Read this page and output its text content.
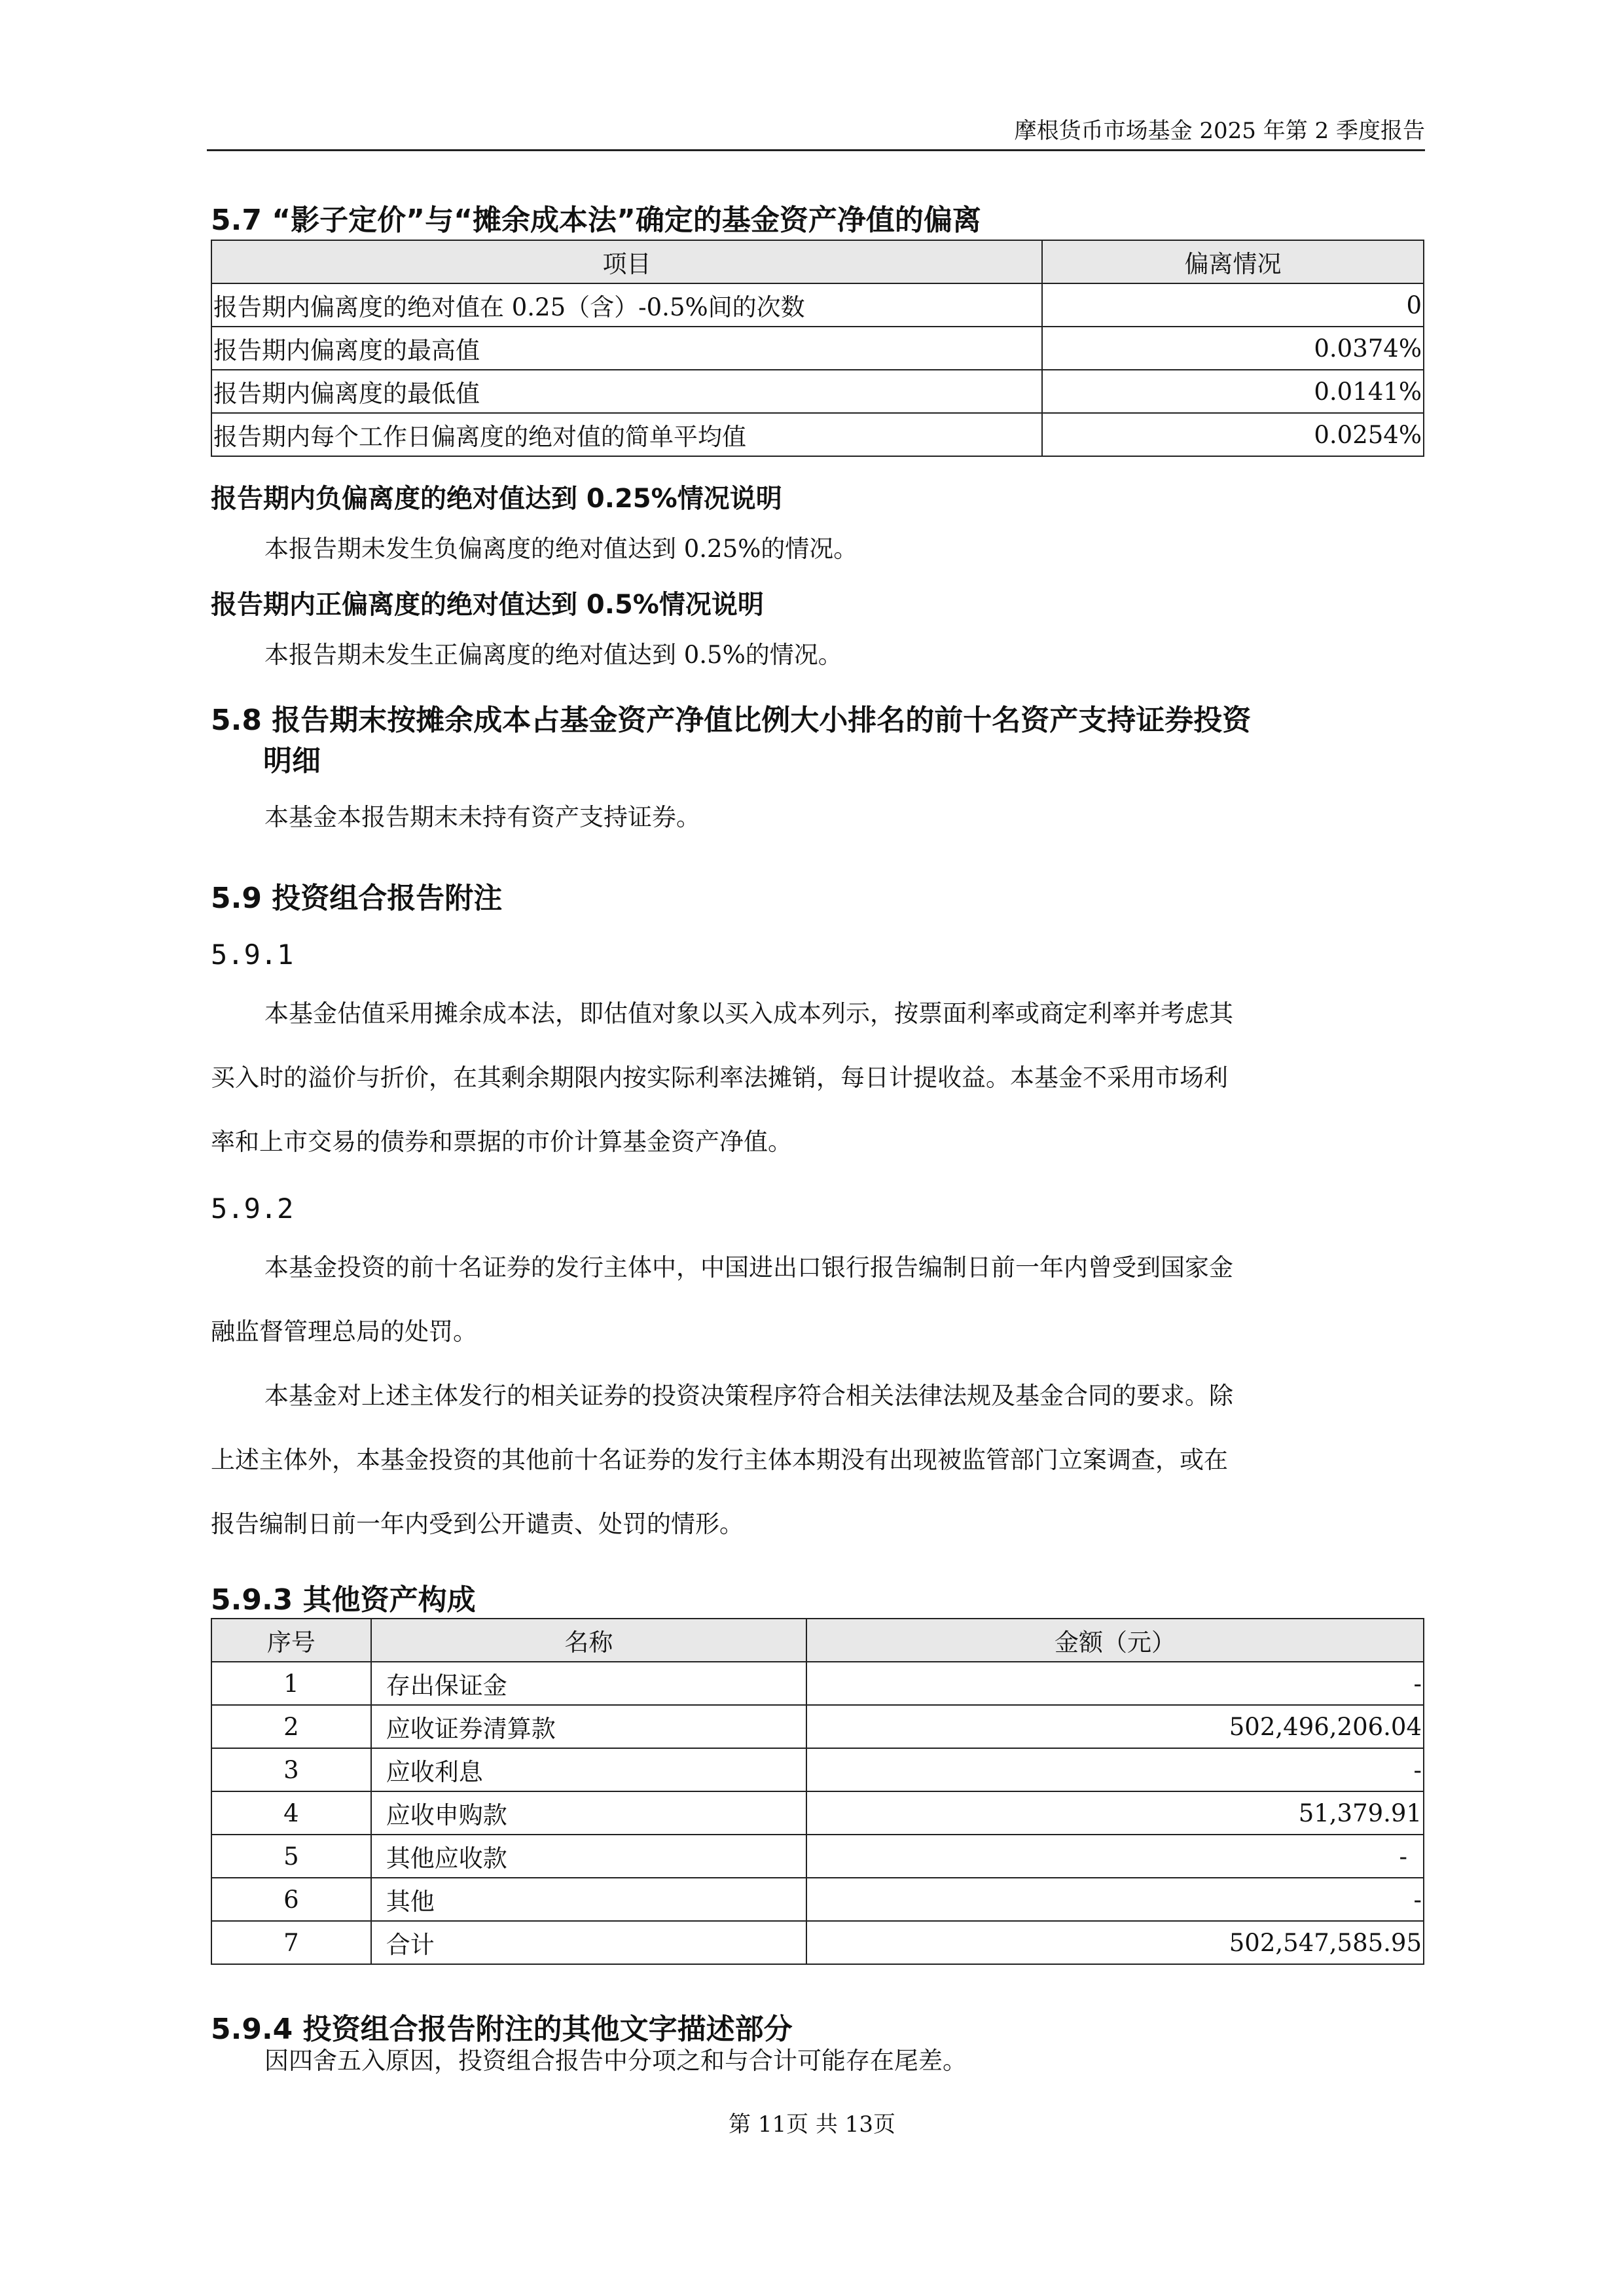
摩根货币市场基金 2025 年第 2 季度报告
5.7 “影子定价”与“摊余成本法”确定的基金资产净值的偏离
项目	偏离情况
报告期内偏离度的绝对值在 0.25（含）-0.5%间的次数	0
报告期内偏离度的最高值	0.0374%
报告期内偏离度的最低值	0.0141%
报告期内每个工作日偏离度的绝对值的简单平均值	0.0254%
报告期内负偏离度的绝对值达到 0.25%情况说明
本报告期未发生负偏离度的绝对值达到 0.25%的情况。
报告期内正偏离度的绝对值达到 0.5%情况说明
本报告期未发生正偏离度的绝对值达到 0.5%的情况。
5.8 报告期末按摊余成本占基金资产净值比例大小排名的前十名资产支持证券投资
明细
本基金本报告期末未持有资产支持证券。
5.9 投资组合报告附注
5.9.1
本基金估值采用摊余成本法，即估值对象以买入成本列示，按票面利率或商定利率并考虑其
买入时的溢价与折价，在其剩余期限内按实际利率法摊销，每日计提收益。本基金不采用市场利
率和上市交易的债券和票据的市价计算基金资产净值。
5.9.2
本基金投资的前十名证券的发行主体中，中国进出口银行报告编制日前一年内曾受到国家金
融监督管理总局的处罚。
本基金对上述主体发行的相关证券的投资决策程序符合相关法律法规及基金合同的要求。除
上述主体外，本基金投资的其他前十名证券的发行主体本期没有出现被监管部门立案调查，或在
报告编制日前一年内受到公开谴责、处罚的情形。
5.9.3 其他资产构成
序号	名称	金额（元）
1	存出保证金	-
2	应收证券清算款	502,496,206.04
3	应收利息	-
4	应收申购款	51,379.91
5	其他应收款	-
6	其他	-
7	合计	502,547,585.95
5.9.4 投资组合报告附注的其他文字描述部分
因四舍五入原因，投资组合报告中分项之和与合计可能存在尾差。
第 11页 共 13页
